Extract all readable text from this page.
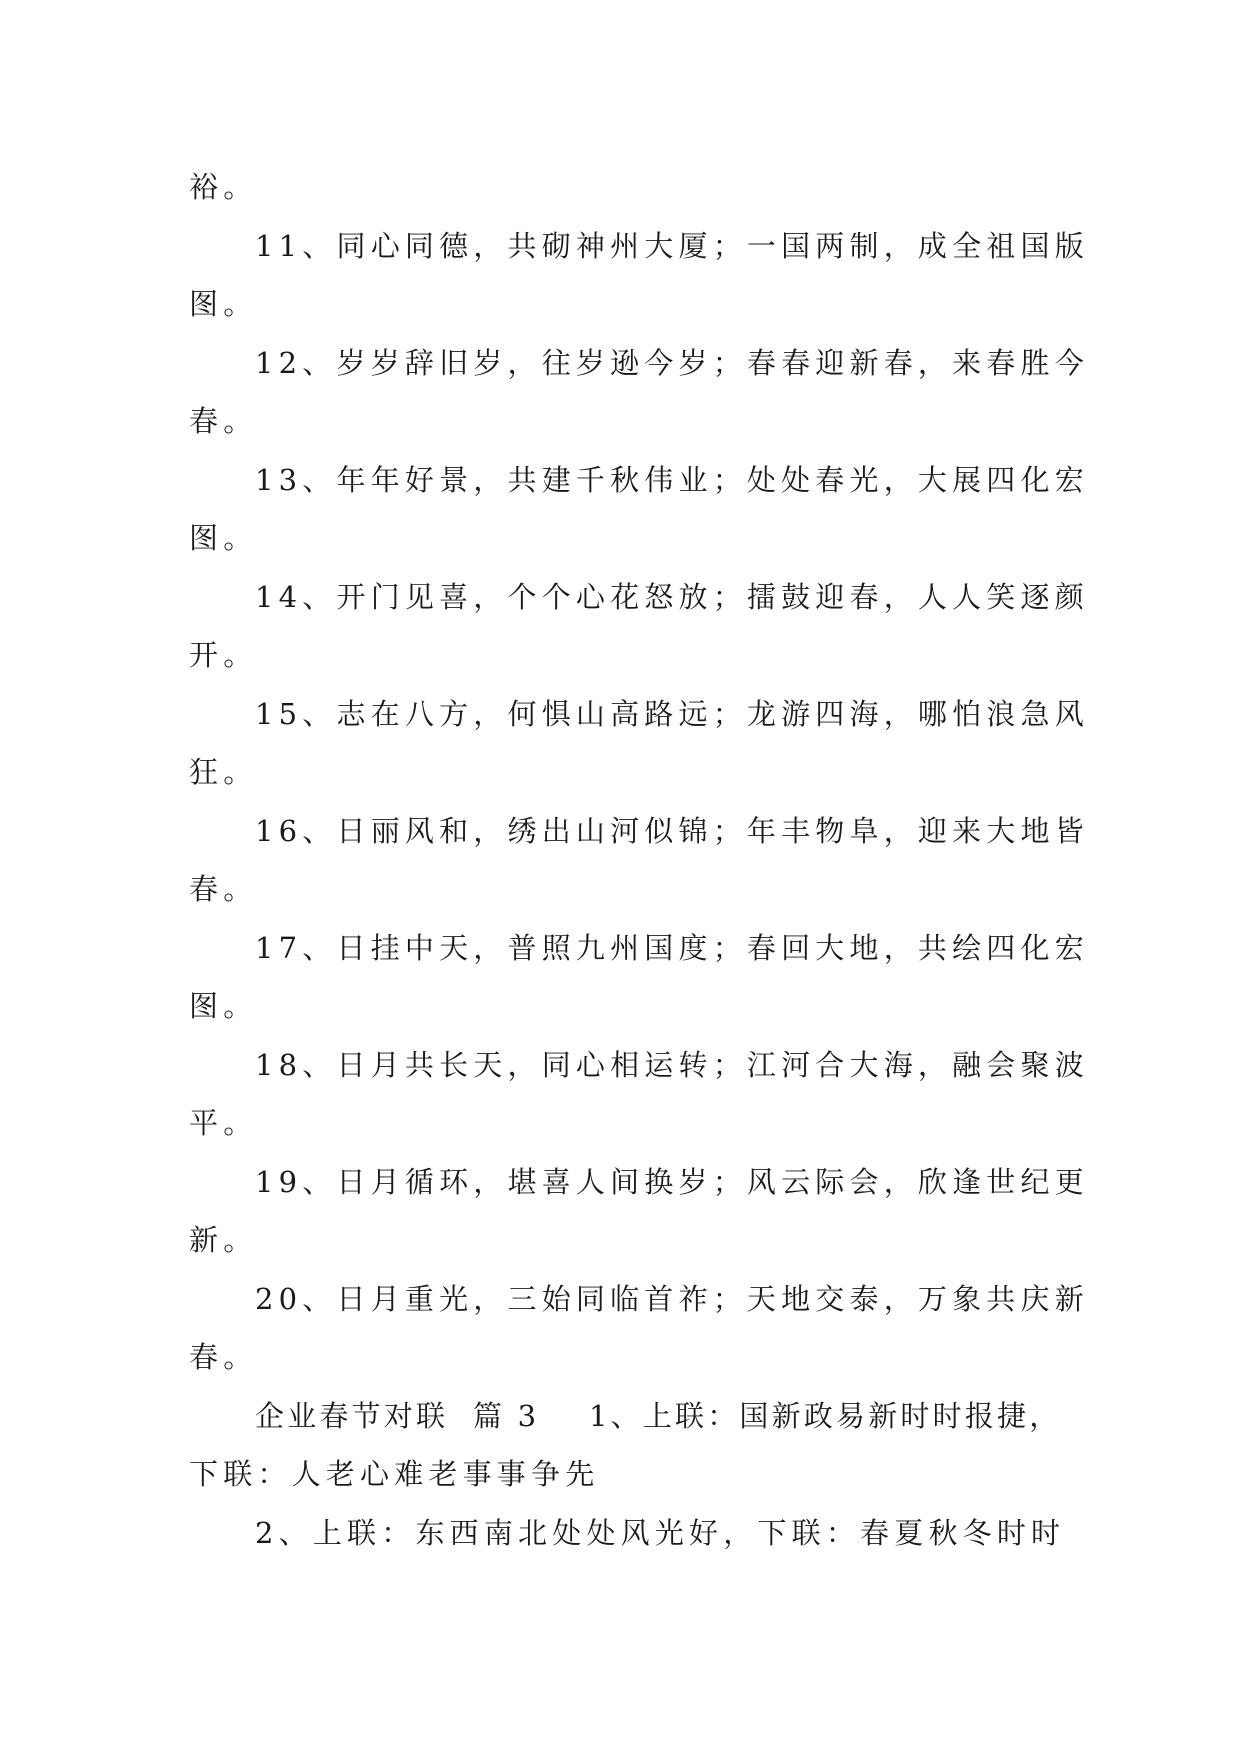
裕。
11、同心同德，共砌神州大厦；一国两制，成全祖国版
图。
12、岁岁辞旧岁，往岁逊今岁；春春迎新春，来春胜今
春。
13、年年好景，共建千秋伟业；处处春光，大展四化宏
图。
14、开门见喜，个个心花怒放；擂鼓迎春，人人笑逐颜
开。
15、志在八方，何惧山高路远；龙游四海，哪怕浪急风
狂。
16、日丽风和，绣出山河似锦；年丰物阜，迎来大地皆
春。
17、日挂中天，普照九州国度；春回大地，共绘四化宏
图。
18、日月共长天，同心相运转；江河合大海，融会聚波
平。
19、日月循环，堪喜人间换岁；风云际会，欣逢世纪更
新。
20、日月重光，三始同临首祚；天地交泰，万象共庆新
春。
企业春节对联  篇 3    1、上联：国新政易新时时报捷，
下联：人老心难老事事争先
2、上联：东西南北处处风光好，下联：春夏秋冬时时
